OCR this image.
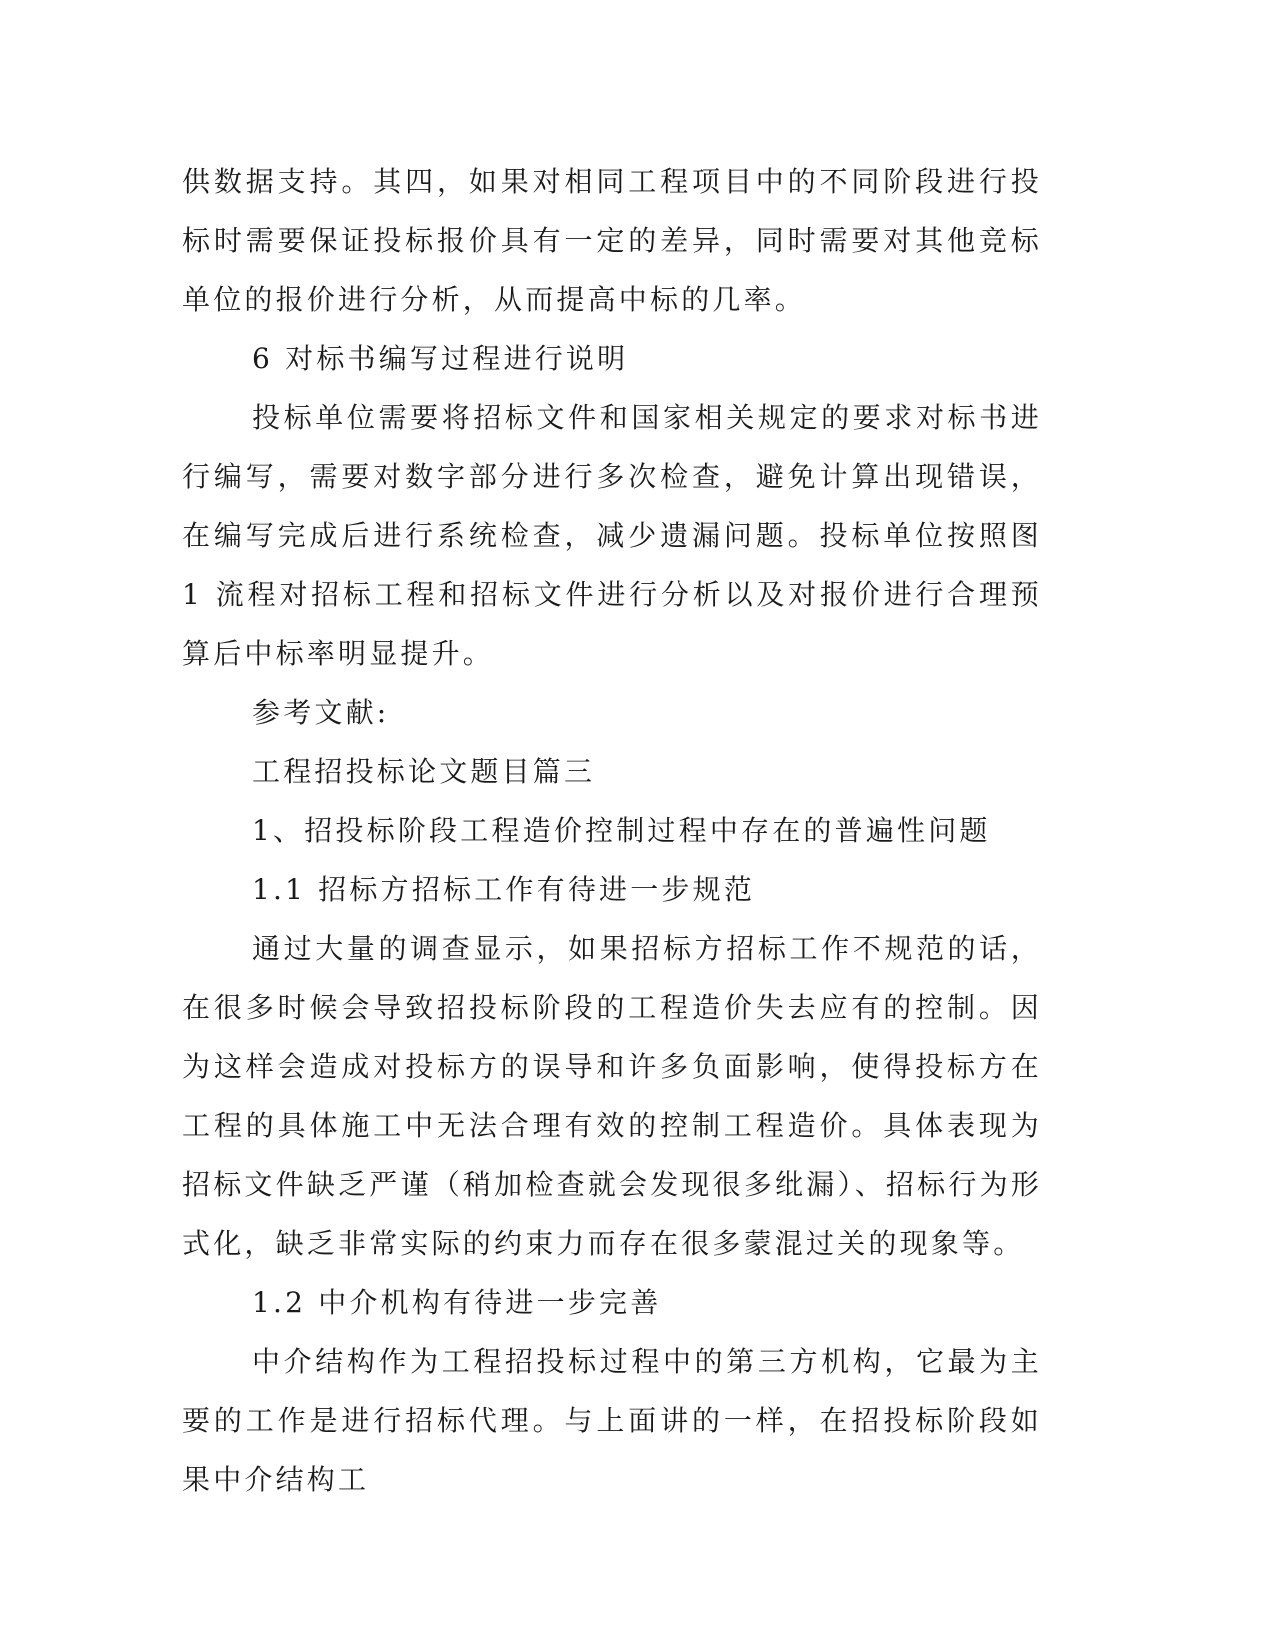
供数据支持。其四，如果对相同工程项目中的不同阶段进行投标时需要保证投标报价具有一定的差异，同时需要对其他竞标单位的报价进行分析，从而提高中标的几率。

6 对标书编写过程进行说明

投标单位需要将招标文件和国家相关规定的要求对标书进行编写，需要对数字部分进行多次检查，避免计算出现错误，在编写完成后进行系统检查，减少遗漏问题。投标单位按照图 1 流程对招标工程和招标文件进行分析以及对报价进行合理预算后中标率明显提升。

参考文献:

工程招投标论文题目篇三

1、招投标阶段工程造价控制过程中存在的普遍性问题

1.1 招标方招标工作有待进一步规范

通过大量的调查显示，如果招标方招标工作不规范的话，在很多时候会导致招投标阶段的工程造价失去应有的控制。因为这样会造成对投标方的误导和许多负面影响，使得投标方在工程的具体施工中无法合理有效的控制工程造价。具体表现为招标文件缺乏严谨（稍加检查就会发现很多纰漏）、招标行为形式化，缺乏非常实际的约束力而存在很多蒙混过关的现象等。

1.2 中介机构有待进一步完善

中介结构作为工程招投标过程中的第三方机构，它最为主要的工作是进行招标代理。与上面讲的一样，在招投标阶段如果中介结构工
